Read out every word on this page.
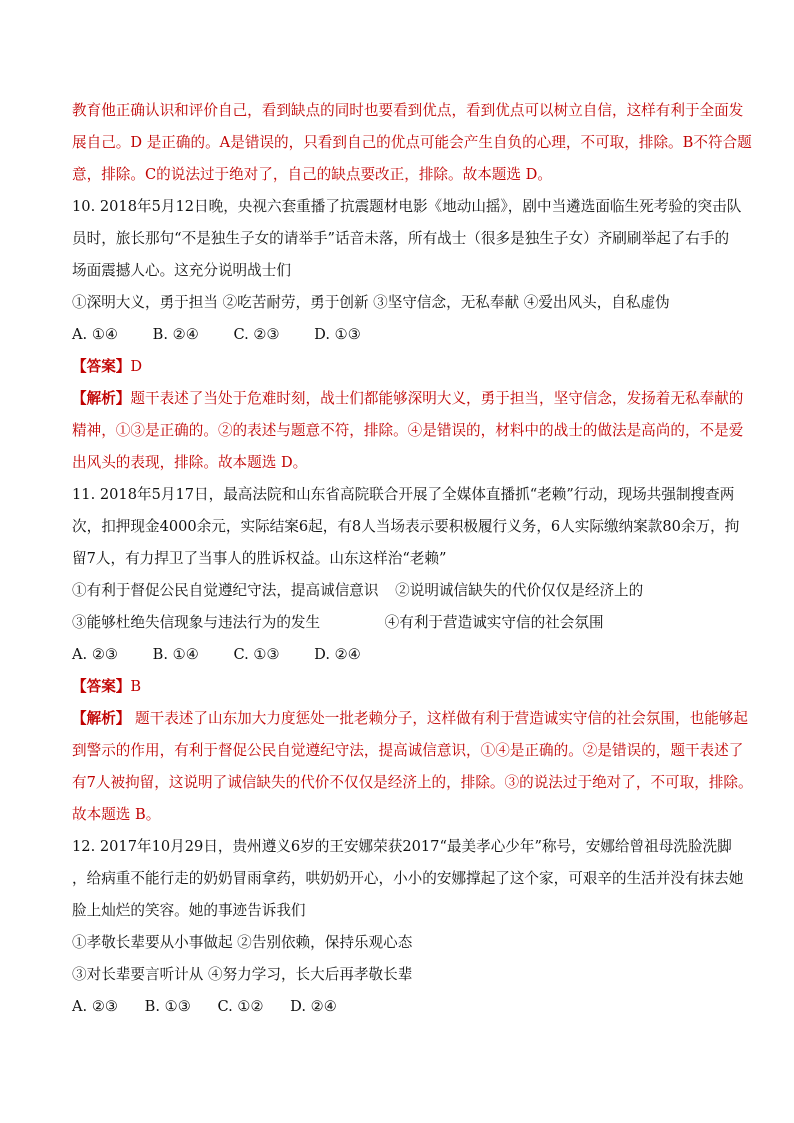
教育他正确认识和评价自己，看到缺点的同时也要看到优点，看到优点可以树立自信，这样有利于全面发
展自己。D 是正确的。A是错误的，只看到自己的优点可能会产生自负的心理，不可取，排除。B不符合题
意，排除。C的说法过于绝对了，自己的缺点要改正，排除。故本题选 D。
10. 2018年5月12日晚，央视六套重播了抗震题材电影《地动山摇》，剧中当遴选面临生死考验的突击队
员时，旅长那句“不是独生子女的请举手”话音未落，所有战士（很多是独生子女）齐刷刷举起了右手的
场面震撼人心。这充分说明战士们
①深明大义，勇于担当 ②吃苦耐劳，勇于创新 ③坚守信念，无私奉献 ④爱出风头，自私虚伪
A. ①④ B. ②④ C. ②③ D. ①③
【答案】D
【解析】题干表述了当处于危难时刻，战士们都能够深明大义，勇于担当，坚守信念，发扬着无私奉献的
精神，①③是正确的。②的表述与题意不符，排除。④是错误的，材料中的战士的做法是高尚的，不是爱
出风头的表现，排除。故本题选 D。
11. 2018年5月17日，最高法院和山东省高院联合开展了全媒体直播抓“老赖”行动，现场共强制搜查两
次，扣押现金4000余元，实际结案6起，有8人当场表示要积极履行义务，6人实际缴纳案款80余万，拘
留7人，有力捍卫了当事人的胜诉权益。山东这样治“老赖”
①有利于督促公民自觉遵纪守法，提高诚信意识 ②说明诚信缺失的代价仅仅是经济上的
③能够杜绝失信现象与违法行为的发生	④有利于营造诚实守信的社会氛围
A. ②③ B. ①④ C. ①③ D. ②④
【答案】B
【解析】 题干表述了山东加大力度惩处一批老赖分子，这样做有利于营造诚实守信的社会氛围，也能够起
到警示的作用，有利于督促公民自觉遵纪守法，提高诚信意识，①④是正确的。②是错误的，题干表述了
有7人被拘留，这说明了诚信缺失的代价不仅仅是经济上的，排除。③的说法过于绝对了，不可取，排除。
故本题选 B。
12. 2017年10月29日，贵州遵义6岁的王安娜荣获2017“最美孝心少年”称号，安娜给曾祖母洗脸洗脚
，给病重不能行走的奶奶冒雨拿药，哄奶奶开心，小小的安娜撑起了这个家，可艰辛的生活并没有抹去她
脸上灿烂的笑容。她的事迹告诉我们
①孝敬长辈要从小事做起 ②告别依赖，保持乐观心态
③对长辈要言听计从 ④努力学习，长大后再孝敬长辈
A. ②③ B. ①③ C. ①② D. ②④
